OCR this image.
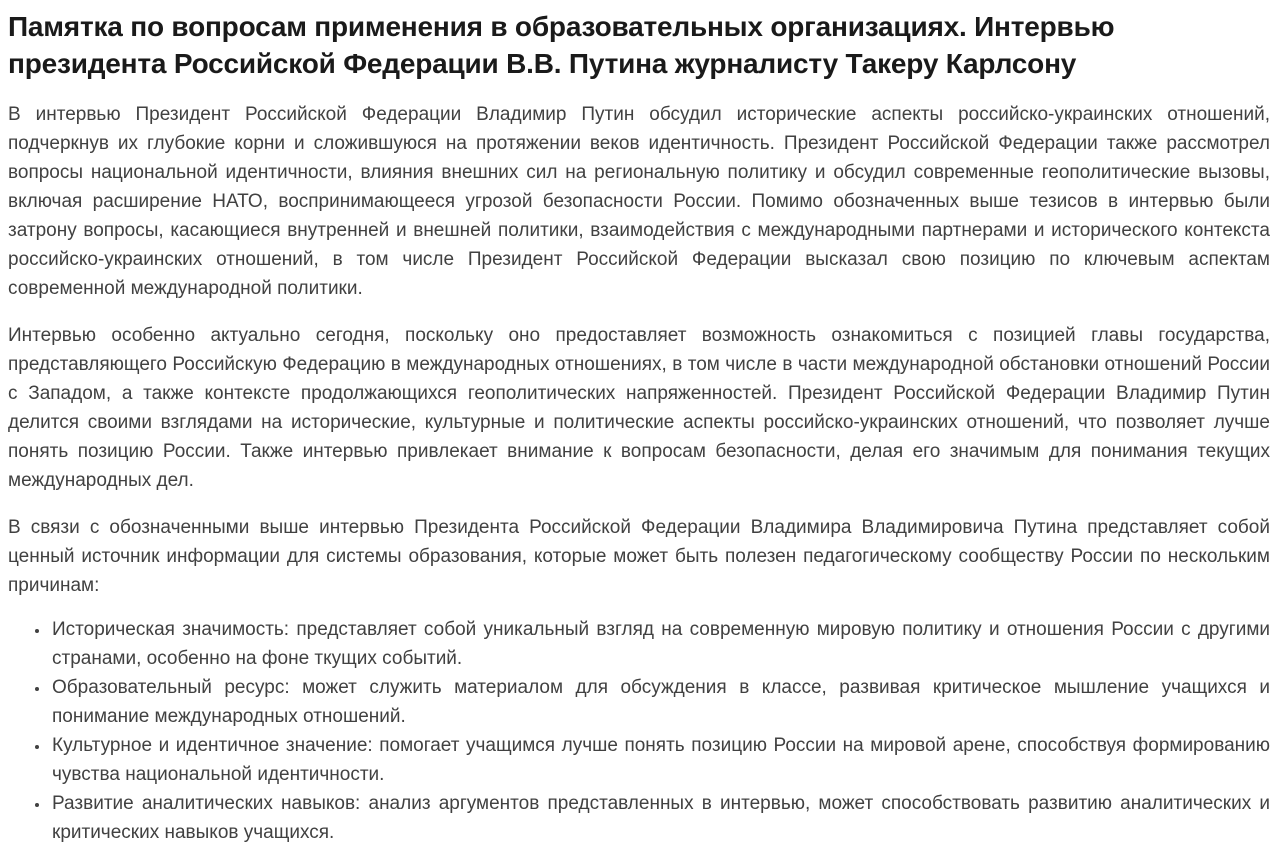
Памятка по вопросам применения в образовательных организациях. Интервью президента Российской Федерации В.В. Путина журналисту Такеру Карлсону

В интервью Президент Российской Федерации Владимир Путин обсудил исторические аспекты российско-украинских отношений, подчеркнув их глубокие корни и сложившуюся на протяжении веков идентичность. Президент Российской Федерации также рассмотрел вопросы национальной идентичности, влияния внешних сил на региональную политику и обсудил современные геополитические вызовы, включая расширение НАТО, воспринимающееся угрозой безопасности России. Помимо обозначенных выше тезисов в интервью были затрону вопросы, касающиеся внутренней и внешней политики, взаимодействия с международными партнерами и исторического контекста российско-украинских отношений, в том числе Президент Российской Федерации высказал свою позицию по ключевым аспектам современной международной политики.

Интервью особенно актуально сегодня, поскольку оно предоставляет возможность ознакомиться с позицией главы государства, представляющего Российскую Федерацию в международных отношениях, в том числе в части международной обстановки отношений России с Западом, а также контексте продолжающихся геополитических напряженностей. Президент Российской Федерации Владимир Путин делится своими взглядами на исторические, культурные и политические аспекты российско-украинских отношений, что позволяет лучше понять позицию России. Также интервью привлекает внимание к вопросам безопасности, делая его значимым для понимания текущих международных дел.

В связи с обозначенными выше интервью Президента Российской Федерации Владимира Владимировича Путина представляет собой ценный источник информации для системы образования, которые может быть полезен педагогическому сообществу России по нескольким причинам:

• Историческая значимость: представляет собой уникальный взгляд на современную мировую политику и отношения России с другими странами, особенно на фоне ткущих событий.
• Образовательный ресурс: может служить материалом для обсуждения в классе, развивая критическое мышление учащихся и понимание международных отношений.
• Культурное и идентичное значение: помогает учащимся лучше понять позицию России на мировой арене, способствуя формированию чувства национальной идентичности.
• Развитие аналитических навыков: анализ аргументов представленных в интервью, может способствовать развитию аналитических и критических навыков учащихся.
